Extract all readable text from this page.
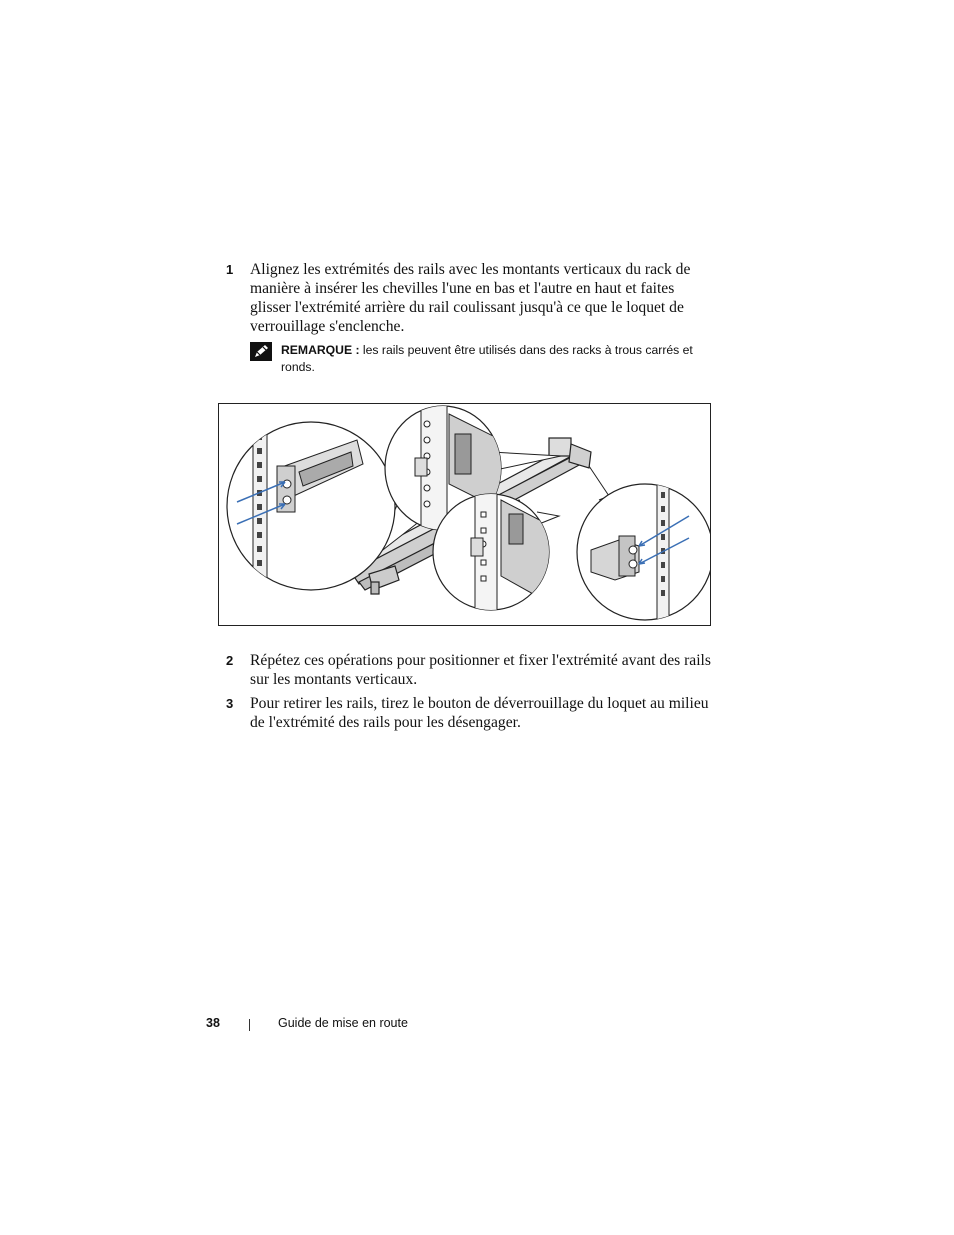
1 Alignez les extrémités des rails avec les montants verticaux du rack de manière à insérer les chevilles l'une en bas et l'autre en haut et faites glisser l'extrémité arrière du rail coulissant jusqu'à ce que le loquet de verrouillage s'enclenche.
REMARQUE : les rails peuvent être utilisés dans des racks à trous carrés et ronds.
2 Répétez ces opérations pour positionner et fixer l'extrémité avant des rails sur les montants verticaux.
3 Pour retirer les rails, tirez le bouton de déverrouillage du loquet au milieu de l'extrémité des rails pour les désengager.
38	Guide de mise en route
